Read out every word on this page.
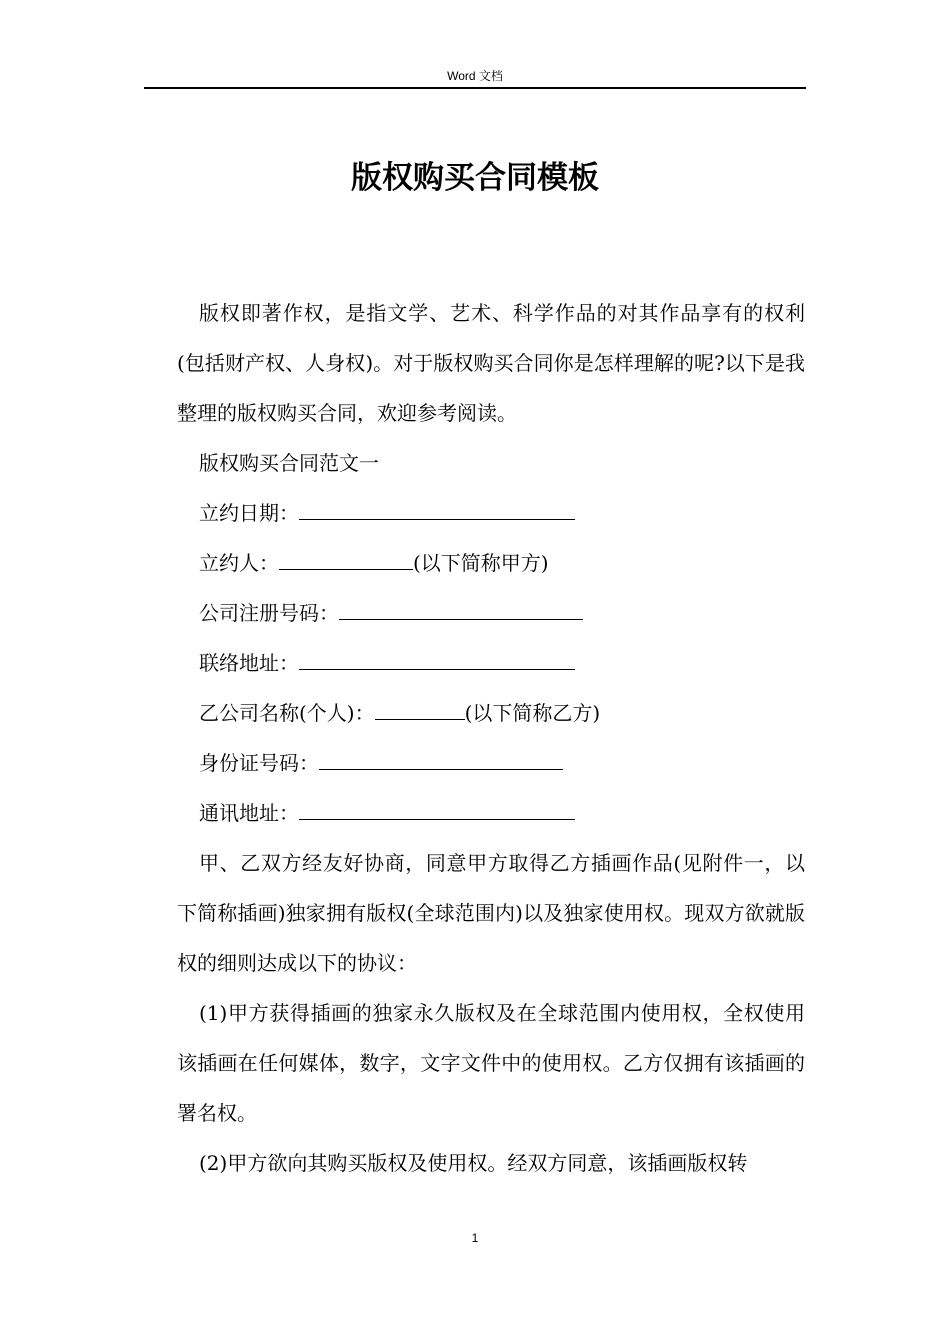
Word 文档
版权购买合同模板

版权即著作权，是指文学、艺术、科学作品的对其作品享有的权利(包括财产权、人身权)。对于版权购买合同你是怎样理解的呢?以下是我整理的版权购买合同，欢迎参考阅读。

版权购买合同范文一

立约日期：

立约人：	(以下简称甲方)

公司注册号码：

联络地址：

乙公司名称(个人)：	(以下简称乙方)

身份证号码：

通讯地址：

甲、乙双方经友好协商，同意甲方取得乙方插画作品(见附件一，以下简称插画)独家拥有版权(全球范围内)以及独家使用权。现双方欲就版权的细则达成以下的协议：

(1)甲方获得插画的独家永久版权及在全球范围内使用权，全权使用该插画在任何媒体，数字，文字文件中的使用权。乙方仅拥有该插画的署名权。

(2)甲方欲向其购买版权及使用权。经双方同意，该插画版权转

1
